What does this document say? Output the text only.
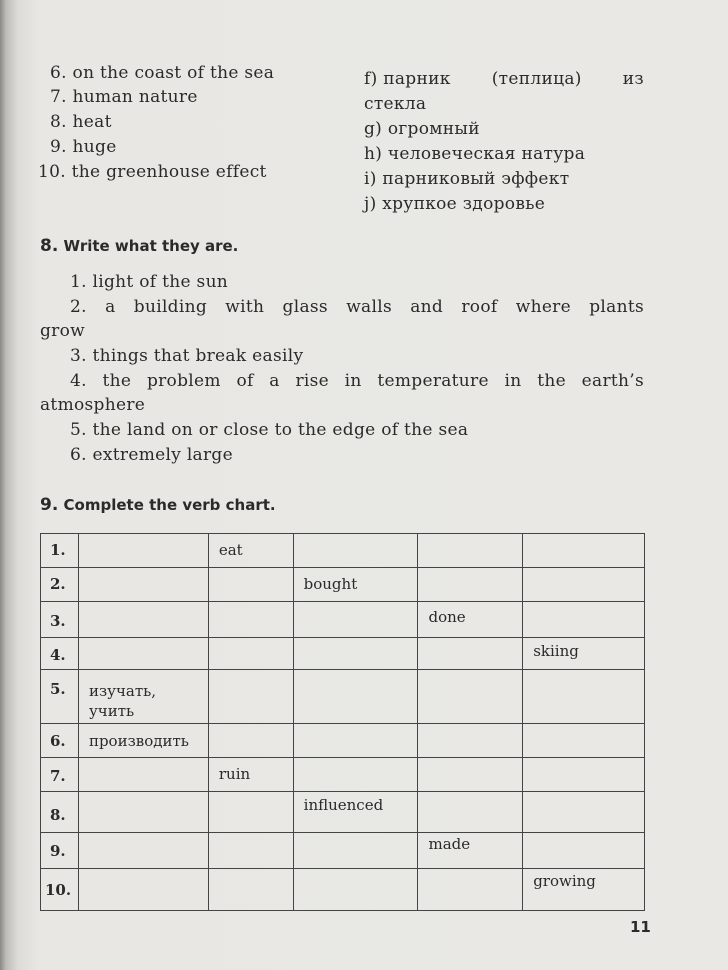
6. on the coast of the sea
7. human nature
8. heat
9. huge
10. the greenhouse effect
f) парник (теплица) из
стекла
g) огромный
h) человеческая натура
i) парниковый эффект
j) хрупкое здоровье
8. Write what they are.
1. light of the sun
2. a building with glass walls and roof where plants
grow
3. things that break easily
4. the problem of a rise in temperature in the earth’s
atmosphere
5. the land on or close to the edge of the sea
6. extremely large
9. Complete the verb chart.
1.		eat			
2.			bought		
3.				done	
4.					skiing
5.	изучать,
учить				

6.	производить				
7.		ruin			
8.			influenced		
9.				made	
10.					growing
11
